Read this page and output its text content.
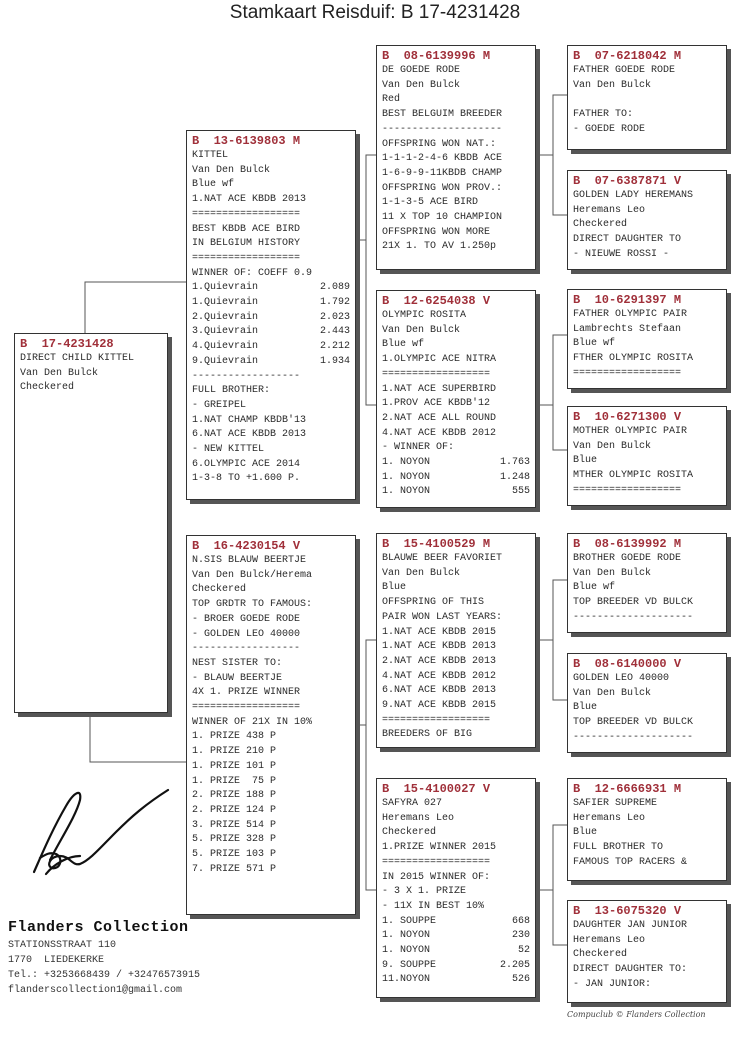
Stamkaart Reisduif: B 17-4231428
B  17-4231428
DIRECT CHILD KITTEL
Van Den Bulck
Checkered
B  13-6139803 M
KITTEL
Van Den Bulck
Blue wf
1.NAT ACE KBDB 2013
==================
BEST KBDB ACE BIRD
IN BELGIUM HISTORY
==================
WINNER OF: COEFF 0.9
1.Quievrain	2.089
1.Quievrain	1.792
2.Quievrain	2.023
3.Quievrain	2.443
4.Quievrain	2.212
9.Quievrain	1.934
------------------
FULL BROTHER:
- GREIPEL
1.NAT CHAMP KBDB'13
6.NAT ACE KBDB 2013
- NEW KITTEL
6.OLYMPIC ACE 2014
1-3-8 TO +1.600 P.
B  16-4230154 V
N.SIS BLAUW BEERTJE
Van Den Bulck/Herema
Checkered
TOP GRDTR TO FAMOUS:
- BROER GOEDE RODE
- GOLDEN LEO 40000
------------------
NEST SISTER TO:
- BLAUW BEERTJE
4X 1. PRIZE WINNER
==================
WINNER OF 21X IN 10%
1. PRIZE 438 P
1. PRIZE 210 P
1. PRIZE 101 P
1. PRIZE  75 P
2. PRIZE 188 P
2. PRIZE 124 P
3. PRIZE 514 P
5. PRIZE 328 P
5. PRIZE 103 P
7. PRIZE 571 P
B  08-6139996 M
DE GOEDE RODE
Van Den Bulck
Red
BEST BELGUIM BREEDER
--------------------
OFFSPRING WON NAT.:
1-1-1-2-4-6 KBDB ACE
1-6-9-9-11KBDB CHAMP
OFFSPRING WON PROV.:
1-1-3-5 ACE BIRD
11 X TOP 10 CHAMPION
OFFSPRING WON MORE
21X 1. TO AV 1.250p
B  12-6254038 V
OLYMPIC ROSITA
Van Den Bulck
Blue wf
1.OLYMPIC ACE NITRA
==================
1.NAT ACE SUPERBIRD
1.PROV ACE KBDB'12
2.NAT ACE ALL ROUND
4.NAT ACE KBDB 2012
- WINNER OF:
1. NOYON	1.763
1. NOYON	1.248
1. NOYON	555
B  15-4100529 M
BLAUWE BEER FAVORIET
Van Den Bulck
Blue
OFFSPRING OF THIS
PAIR WON LAST YEARS:
1.NAT ACE KBDB 2015
1.NAT ACE KBDB 2013
2.NAT ACE KBDB 2013
4.NAT ACE KBDB 2012
6.NAT ACE KBDB 2013
9.NAT ACE KBDB 2015
==================
BREEDERS OF BIG
B  15-4100027 V
SAFYRA 027
Heremans Leo
Checkered
1.PRIZE WINNER 2015
==================
IN 2015 WINNER OF:
- 3 X 1. PRIZE
- 11X IN BEST 10%
1. SOUPPE	668
1. NOYON	230
1. NOYON	52
9. SOUPPE	2.205
11.NOYON	526
B  07-6218042 M
FATHER GOEDE RODE
Van Den Bulck

FATHER TO:
- GOEDE RODE
B  07-6387871 V
GOLDEN LADY HEREMANS
Heremans Leo
Checkered
DIRECT DAUGHTER TO
- NIEUWE ROSSI -
B  10-6291397 M
FATHER OLYMPIC PAIR
Lambrechts Stefaan
Blue wf
FTHER OLYMPIC ROSITA
==================
B  10-6271300 V
MOTHER OLYMPIC PAIR
Van Den Bulck
Blue
MTHER OLYMPIC ROSITA
==================
B  08-6139992 M
BROTHER GOEDE RODE
Van Den Bulck
Blue wf
TOP BREEDER VD BULCK
--------------------
B  08-6140000 V
GOLDEN LEO 40000
Van Den Bulck
Blue
TOP BREEDER VD BULCK
--------------------
B  12-6666931 M
SAFIER SUPREME
Heremans Leo
Blue
FULL BROTHER TO
FAMOUS TOP RACERS &
B  13-6075320 V
DAUGHTER JAN JUNIOR
Heremans Leo
Checkered
DIRECT DAUGHTER TO:
- JAN JUNIOR:
Flanders Collection
STATIONSSTRAAT 110
1770  LIEDEKERKE
Tel.: +3253668439 / +32476573915
flanderscollection1@gmail.com
Compuclub © Flanders Collection
